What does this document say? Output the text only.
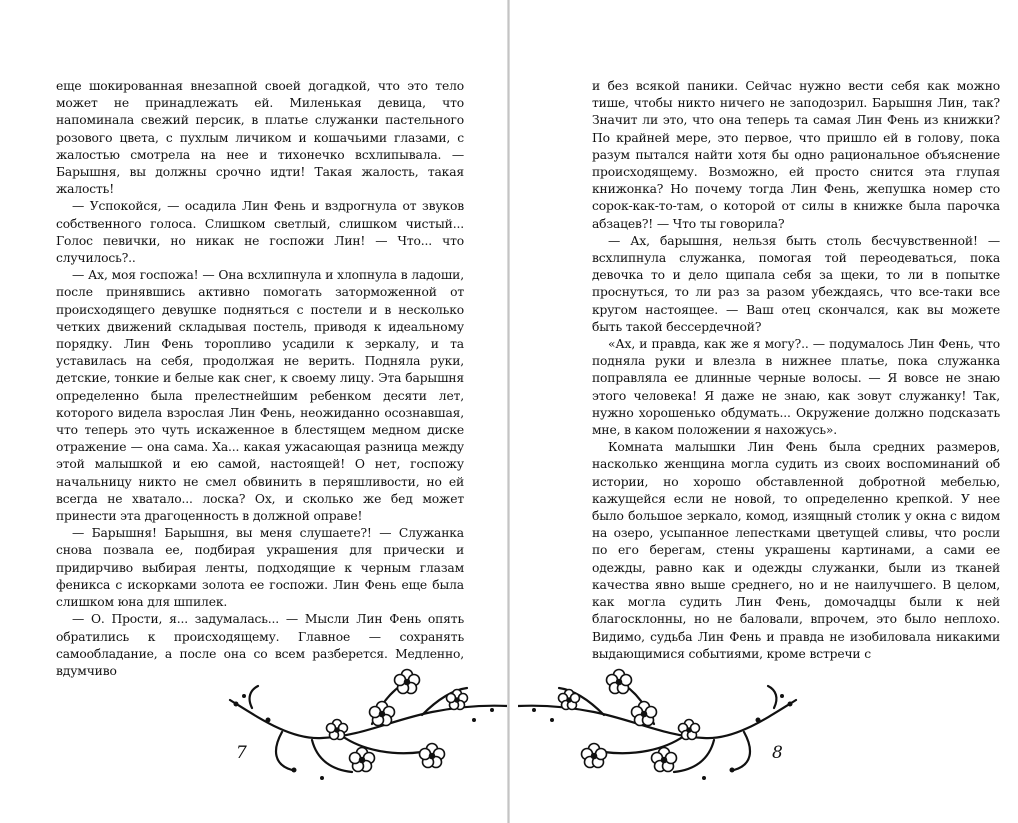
еще шокированная внезапной своей догадкой, что это тело может не принадлежать ей. Миленькая девица, что напоминала свежий персик, в платье служанки пастельного розового цвета, с пухлым личиком и кошачьими глазами, с жалостью смотрела на нее и тихонечко всхлипывала. — Барышня, вы должны срочно идти! Такая жалость, такая жалость!

— Успокойся, — осадила Лин Фень и вздрогнула от звуков собственного голоса. Слишком светлый, слишком чистый... Голос певички, но никак не госпожи Лин! — Что... что случилось?..

— Ах, моя госпожа! — Она всхлипнула и хлопнула в ладоши, после принявшись активно помогать заторможенной от происходящего девушке подняться с постели и в несколько четких движений складывая постель, приводя к идеальному порядку. Лин Фень торопливо усадили к зеркалу, и та уставилась на себя, продолжая не верить. Подняла руки, детские, тонкие и белые как снег, к своему лицу. Эта барышня определенно была прелестнейшим ребенком десяти лет, которого видела взрослая Лин Фень, неожиданно осознавшая, что теперь это чуть искаженное в блестящем медном диске отражение — она сама. Ха... какая ужасающая разница между этой малышкой и ею самой, настоящей! О нет, госпожу начальницу никто не смел обвинить в перяшливости, но ей всегда не хватало... лоска? Ох, и сколько же бед может принести эта драгоценность в должной оправе!

— Барышня! Барышня, вы меня слушаете?! — Служанка снова позвала ее, подбирая украшения для прически и придирчиво выбирая ленты, подходящие к черным глазам феникса с искорками золота ее госпожи. Лин Фень еще была слишком юна для шпилек.

— О. Прости, я... задумалась... — Мысли Лин Фень опять обратились к происходящему. Главное — сохранять самообладание, а после она со всем разберется. Медленно, вдумчиво

7

и без всякой паники. Сейчас нужно вести себя как можно тише, чтобы никто ничего не заподозрил. Барышня Лин, так? Значит ли это, что она теперь та самая Лин Фень из книжки? По крайней мере, это первое, что пришло ей в голову, пока разум пытался найти хотя бы одно рациональное объяснение происходящему. Возможно, ей просто снится эта глупая книжонка? Но почему тогда Лин Фень, жепушка номер сто сорок-как-то-там, о которой от силы в книжке была парочка абзацев?! — Что ты говорила?

— Ах, барышня, нельзя быть столь бесчувственной! — всхлипнула служанка, помогая той переодеваться, пока девочка то и дело щипала себя за щеки, то ли в попытке проснуться, то ли раз за разом убеждаясь, что все-таки все кругом настоящее. — Ваш отец скончался, как вы можете быть такой бессердечной?

«Ах, и правда, как же я могу?.. — подумалось Лин Фень, что поднялa руки и влезла в нижнее платье, пока служанка поправляла ее длинные черные волосы. — Я вовсе не знаю этого человека! Я даже не знаю, как зовут служанку! Так, нужно хорошенько обдумать... Окружение должно подсказать мне, в каком положении я нахожусь».

Комната малышки Лин Фень была средних размеров, насколько женщина могла судить из своих воспоминаний об истории, но хорошо обставленной добротной мебелью, кажущейся если не новой, то определенно крепкой. У нее было большое зеркало, комод, изящный столик у окна с видом на озеро, усыпанное лепестками цветущей сливы, что росли по его берегам, стены украшены картинами, а сами ее одежды, равно как и одежды служанки, были из тканей качества явно выше среднего, но и не наилучшего. В целом, как могла судить Лин Фень, домочадцы были к ней благосклонны, но не баловали, впрочем, это было неплохо. Видимо, судьба Лин Фень и правда не изобиловала никакими выдающимися событиями, кроме встречи с

8
